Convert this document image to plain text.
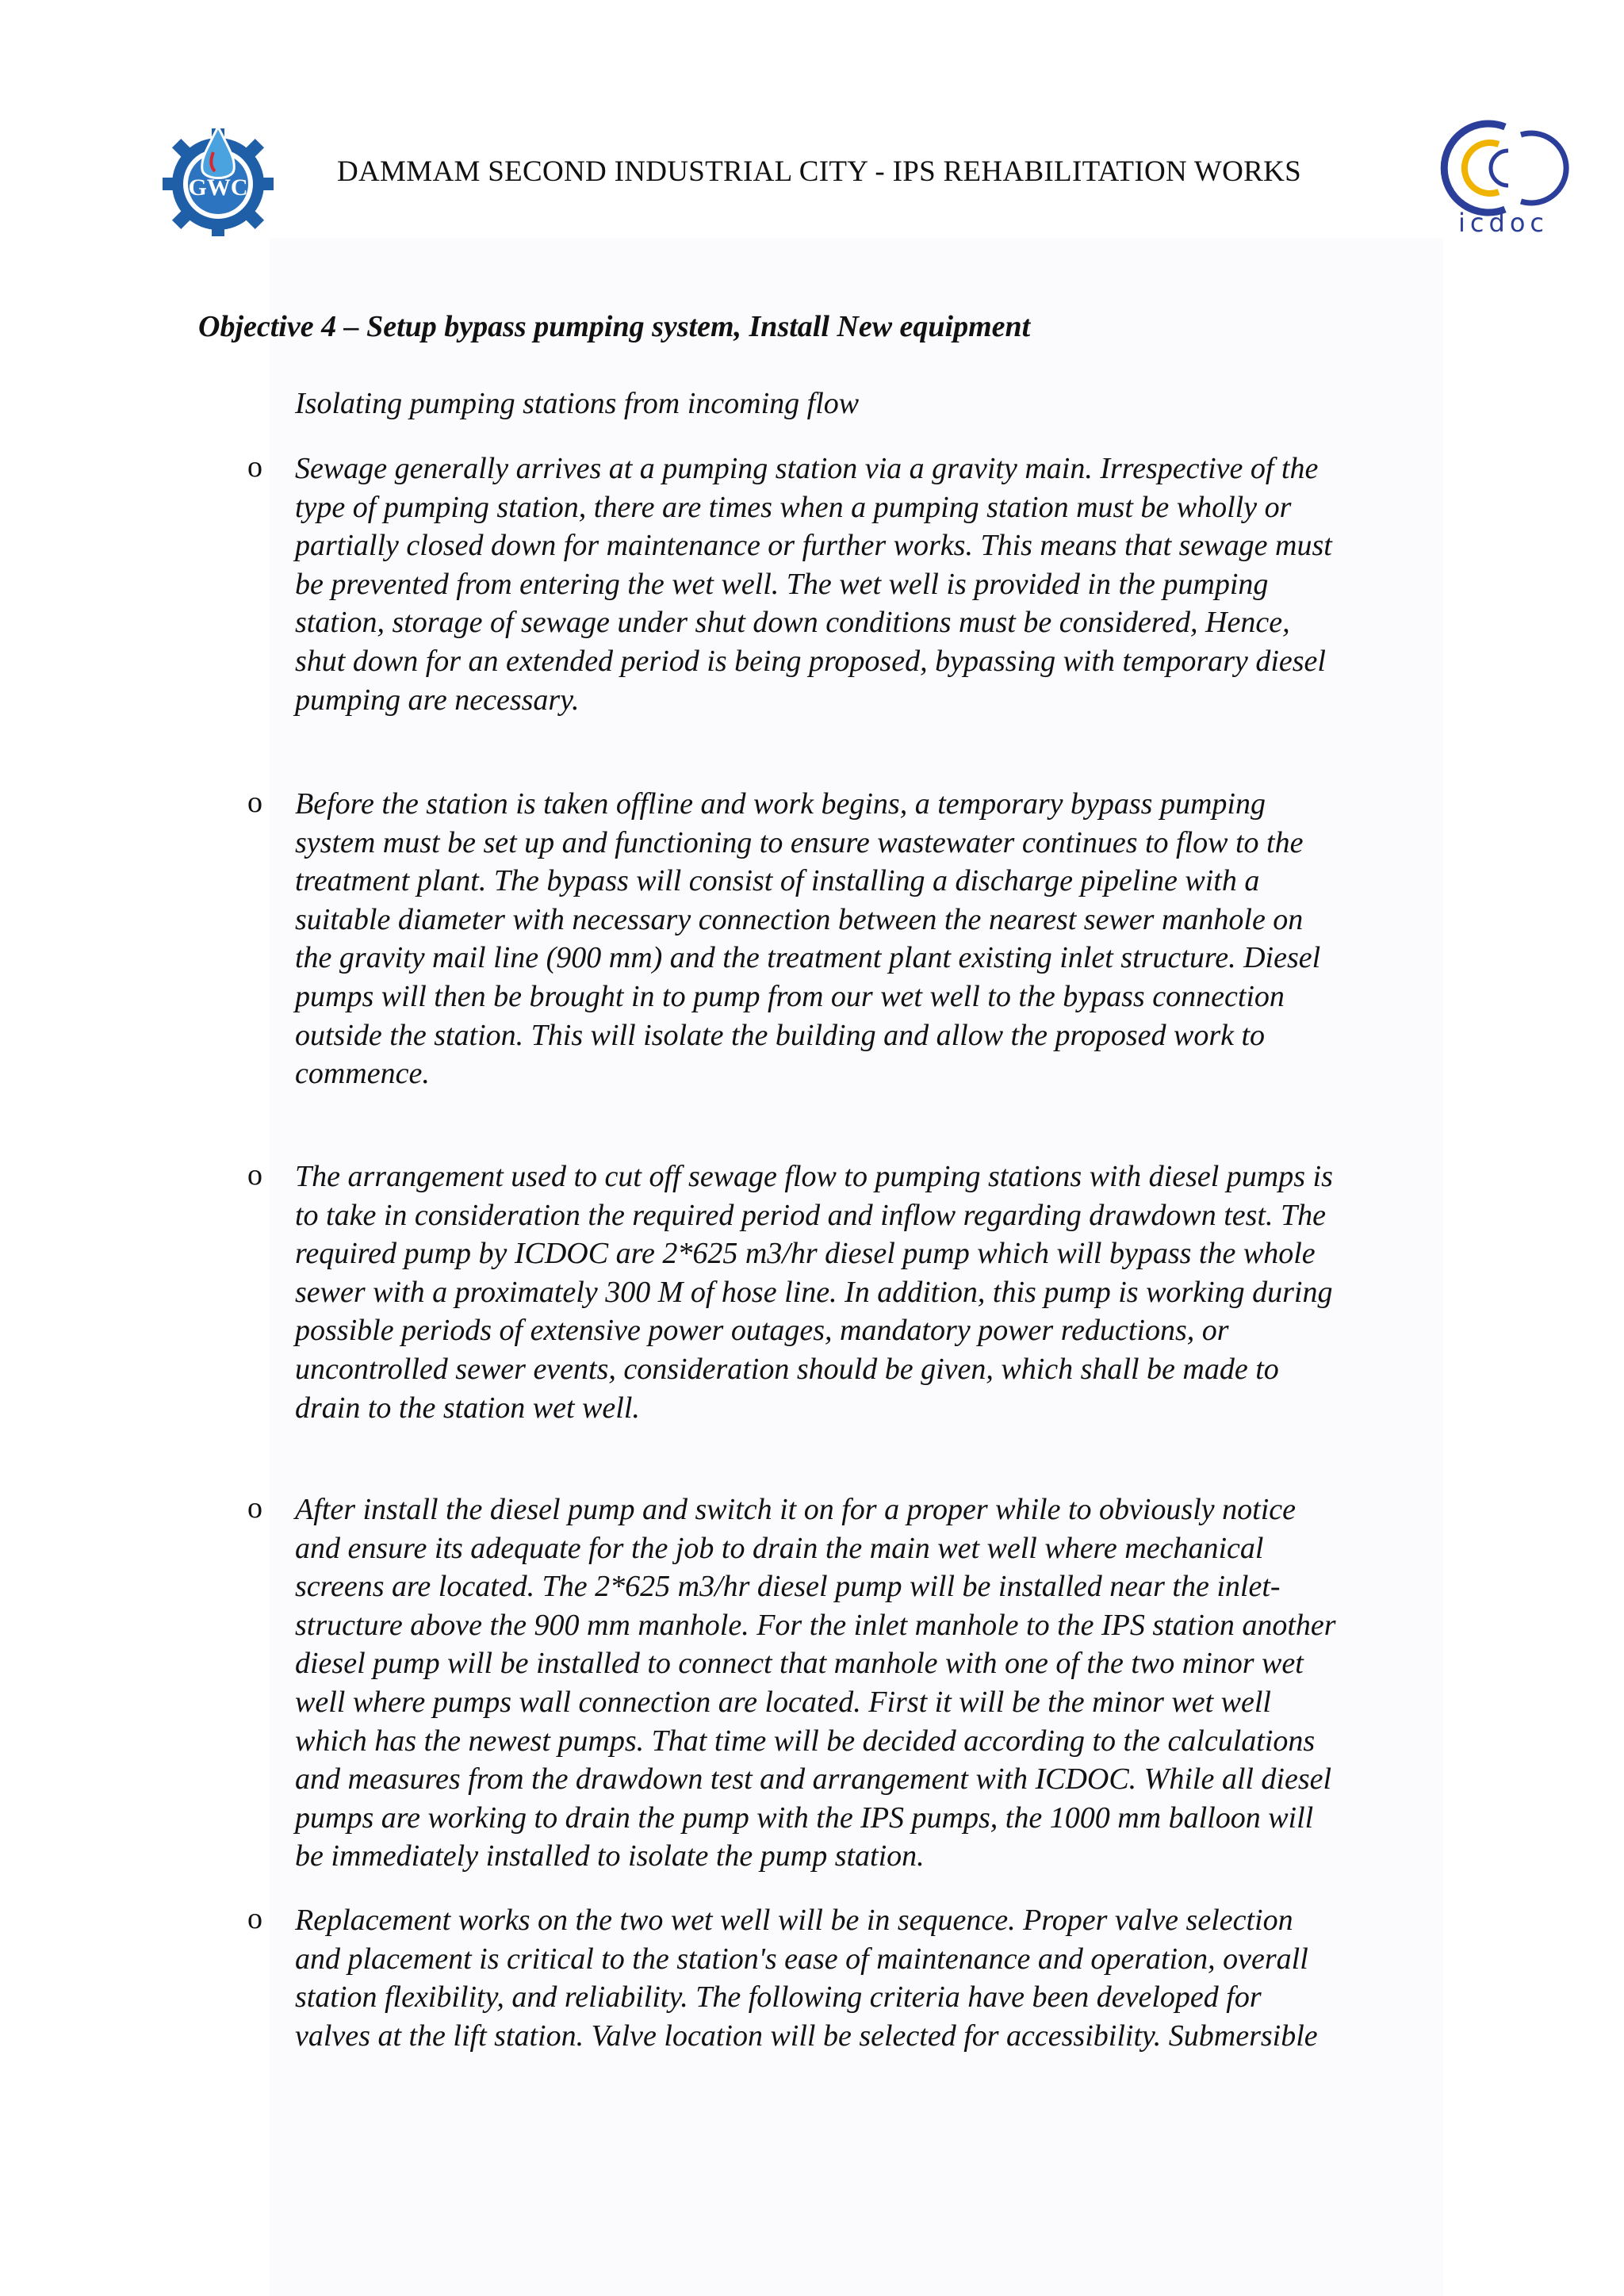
GWC	DAMMAM SECOND INDUSTRIAL CITY - IPS REHABILITATION WORKS
icdoc
Objective 4 – Setup bypass pumping system, Install New equipment
Isolating pumping stations from incoming flow
o Sewage generally arrives at a pumping station via a gravity main. Irrespective of the
type of pumping station, there are times when a pumping station must be wholly or
partially closed down for maintenance or further works. This means that sewage must
be prevented from entering the wet well. The wet well is provided in the pumping
station, storage of sewage under shut down conditions must be considered, Hence,
shut down for an extended period is being proposed, bypassing with temporary diesel
pumping are necessary.
o Before the station is taken offline and work begins, a temporary bypass pumping
system must be set up and functioning to ensure wastewater continues to flow to the
treatment plant. The bypass will consist of installing a discharge pipeline with a
suitable diameter with necessary connection between the nearest sewer manhole on
the gravity mail line (900 mm) and the treatment plant existing inlet structure. Diesel
pumps will then be brought in to pump from our wet well to the bypass connection
outside the station. This will isolate the building and allow the proposed work to
commence.
o The arrangement used to cut off sewage flow to pumping stations with diesel pumps is
to take in consideration the required period and inflow regarding drawdown test. The
required pump by ICDOC are 2*625 m3/hr diesel pump which will bypass the whole
sewer with a proximately 300 M of hose line. In addition, this pump is working during
possible periods of extensive power outages, mandatory power reductions, or
uncontrolled sewer events, consideration should be given, which shall be made to
drain to the station wet well.
o After install the diesel pump and switch it on for a proper while to obviously notice
and ensure its adequate for the job to drain the main wet well where mechanical
screens are located. The 2*625 m3/hr diesel pump will be installed near the inlet-
structure above the 900 mm manhole. For the inlet manhole to the IPS station another
diesel pump will be installed to connect that manhole with one of the two minor wet
well where pumps wall connection are located. First it will be the minor wet well
which has the newest pumps. That time will be decided according to the calculations
and measures from the drawdown test and arrangement with ICDOC. While all diesel
pumps are working to drain the pump with the IPS pumps, the 1000 mm balloon will
be immediately installed to isolate the pump station.
o Replacement works on the two wet well will be in sequence. Proper valve selection
and placement is critical to the station's ease of maintenance and operation, overall
station flexibility, and reliability. The following criteria have been developed for
valves at the lift station. Valve location will be selected for accessibility. Submersible
